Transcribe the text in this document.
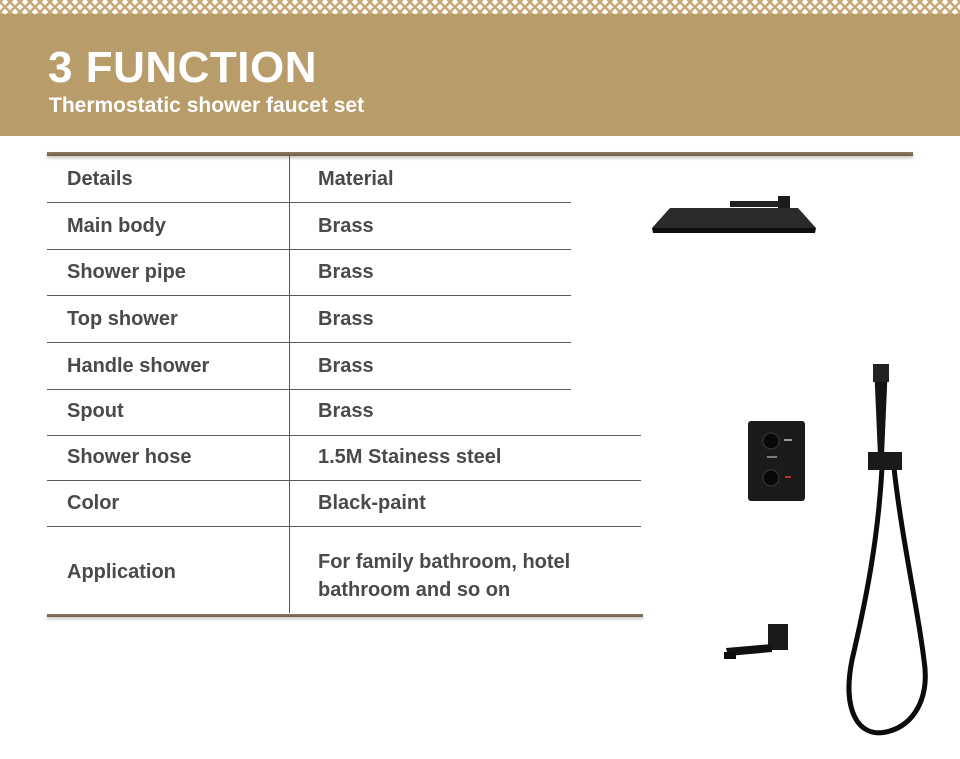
3 FUNCTION

Thermostatic shower faucet set

Details	Material
Main body	Brass
Shower pipe	Brass
Top shower	Brass
Handle shower	Brass
Spout	Brass
Shower hose	1.5M Stainess steel
Color	Black-paint
Application	For family bathroom, hotel
bathroom and so on
